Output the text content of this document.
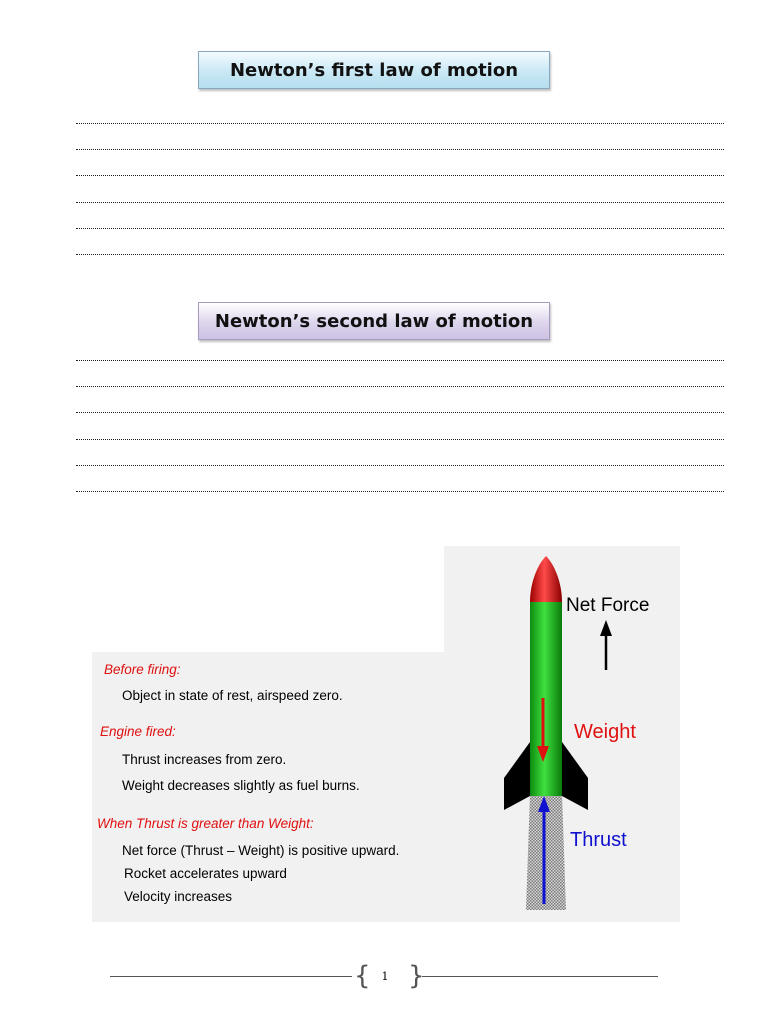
Newton’s first law of motion
Newton’s second law of motion
Net Force
Weight
Thrust
Before firing:
Object in state of rest, airspeed zero.
Engine fired:
Thrust increases from zero.
Weight decreases slightly as fuel burns.
When Thrust is greater than Weight:
Net force (Thrust – Weight) is positive upward.
Rocket accelerates upward
Velocity increases
{ 1 }
